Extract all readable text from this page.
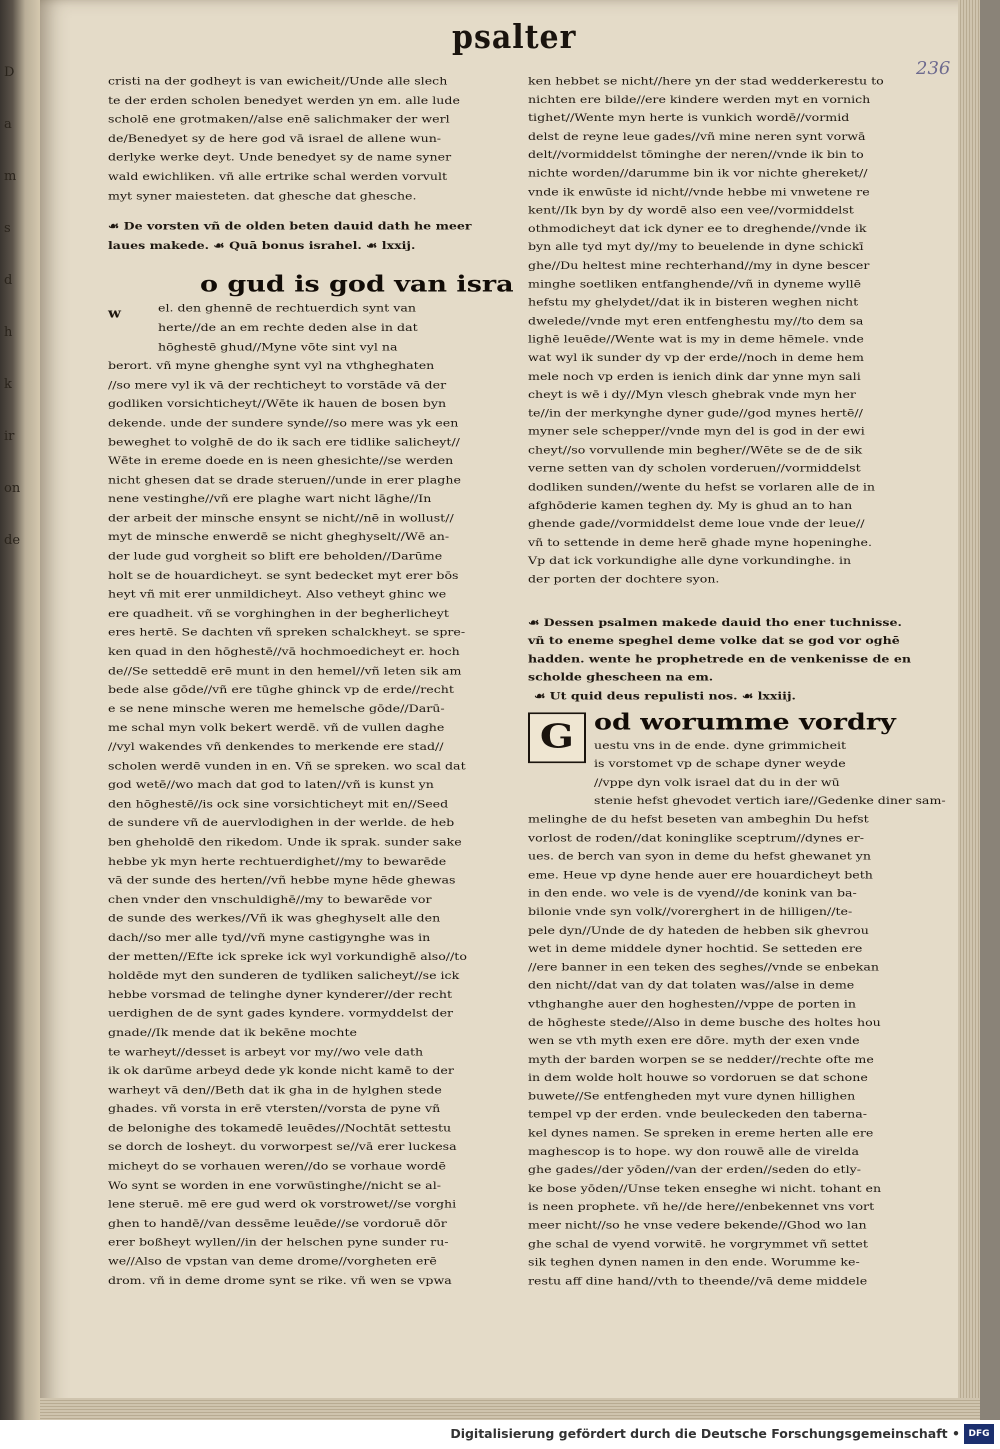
D
a
m
s
d
h
k
ir
on
de
psalter
236

cristi na der godheyt is van ewicheit//Unde alle slech

te der erden scholen benedyet werden yn em. alle lude

scholē ene grotmaken//alse enē salichmaker der werl

de/Benedyet sy de here god vā israel de allene wun-

derlyke werke deyt. Unde benedyet sy de name syner

wald ewichliken. vñ alle ertrike schal werden vorvult

myt syner maiesteten. dat ghesche dat ghesche.

☙ De vorsten vñ de olden beten dauid dath he meer

laues makede. ☙ Quā bonus israhel. ☙ lxxij.

o gud is god van isra
w	el. den ghennē de rechtuerdich synt van

herte//de an em rechte deden alse in dat

hōghestē ghud//Myne vōte sint vyl na

berort. vñ myne ghenghe synt vyl na vthgheghaten

//so mere vyl ik vā der rechticheyt to vorstāde vā der

godliken vorsichticheyt//Wēte ik hauen de bosen byn

dekende. unde der sundere synde//so mere was yk een

beweghet to volghē de do ik sach ere tidlike salicheyt//

Wēte in ereme doede en is neen ghesichte//se werden

nicht ghesen dat se drade steruen//unde in erer plaghe

nene vestinghe//vñ ere plaghe wart nicht lāghe//In

der arbeit der minsche ensynt se nicht//nē in wollust//

myt de minsche enwerdē se nicht gheghyselt//Wē an-

der lude gud vorgheit so blift ere beholden//Darūme

holt se de houardicheyt. se synt bedecket myt erer bōs

heyt vñ mit erer unmildicheyt. Also vetheyt ghinc we

ere quadheit. vñ se vorghinghen in der begherlicheyt

eres hertē. Se dachten vñ spreken schalckheyt. se spre-

ken quad in den hōghestē//vā hochmoedicheyt er. hoch

de//Se setteddē erē munt in den hemel//vñ leten sik am

bede alse gōde//vñ ere tūghe ghinck vp de erde//recht

e se nene minsche weren me hemelsche gōde//Darū-

me schal myn volk bekert werdē. vñ de vullen daghe

//vyl wakendes vñ denkendes to merkende ere stad//

scholen werdē vunden in en. Vñ se spreken. wo scal dat

god wetē//wo mach dat god to laten//vñ is kunst yn

den hōghestē//is ock sine vorsichticheyt mit en//Seed

de sundere vñ de auervlodighen in der werlde. de heb

ben gheholdē den rikedom. Unde ik sprak. sunder sake

hebbe yk myn herte rechtuerdighet//my to bewarēde

vā der sunde des herten//vñ hebbe myne hēde ghewas

chen vnder den vnschuldighē//my to bewarēde vor

de sunde des werkes//Vñ ik was gheghyselt alle den

dach//so mer alle tyd//vñ myne castigynghe was in

der metten//Efte ick spreke ick wyl vorkundighē also//to

holdēde myt den sunderen de tydliken salicheyt//se ick

hebbe vorsmad de telinghe dyner kynderer//der recht

uerdighen de de synt gades kyndere. vormyddelst der

gnade//Ik mende dat ik bekēne mochte

te warheyt//desset is arbeyt vor my//wo vele dath

ik ok darūme arbeyd dede yk konde nicht kamē to der

warheyt vā den//Beth dat ik gha in de hylghen stede

ghades. vñ vorsta in erē vtersten//vorsta de pyne vñ

de belonighe des tokamedē leuēdes//Nochtāt settestu

se dorch de losheyt. du vorworpest se//vā erer luckesa

micheyt do se vorhauen weren//do se vorhaue wordē

Wo synt se worden in ene vorwūstinghe//nicht se al-

lene steruē. mē ere gud werd ok vorstrowet//se vorghi

ghen to handē//van dessēme leuēde//se vordoruē dōr

erer boßheyt wyllen//in der helschen pyne sunder ru-

we//Also de vpstan van deme drome//vorgheten erē

drom. vñ in deme drome synt se rike. vñ wen se vpwa

ken hebbet se nicht//here yn der stad wedderkerestu to

nichten ere bilde//ere kindere werden myt en vornich

tighet//Wente myn herte is vunkich wordē//vormid

delst de reyne leue gades//vñ mine neren synt vorwā

delt//vormiddelst tōminghe der neren//vnde ik bin to

nichte worden//darumme bin ik vor nichte ghereket//

vnde ik enwūste id nicht//vnde hebbe mi vnwetene re

kent//Ik byn by dy wordē also een vee//vormiddelst

othmodicheyt dat ick dyner ee to dreghende//vnde ik

byn alle tyd myt dy//my to beuelende in dyne schickī

ghe//Du heltest mine rechterhand//my in dyne bescer

minghe soetliken entfanghende//vñ in dyneme wyllē

hefstu my ghelydet//dat ik in bisteren weghen nicht

dwelede//vnde myt eren entfenghestu my//to dem sa

lighē leuēde//Wente wat is my in deme hēmele. vnde

wat wyl ik sunder dy vp der erde//noch in deme hem

mele noch vp erden is ienich dink dar ynne myn sali

cheyt is wē i dy//Myn vlesch ghebrak vnde myn her

te//in der merkynghe dyner gude//god mynes hertē//

myner sele schepper//vnde myn del is god in der ewi

cheyt//so vorvullende min begher//Wēte se de de sik

verne setten van dy scholen vorderuen//vormiddelst

dodliken sunden//wente du hefst se vorlaren alle de in

afghōderie kamen teghen dy. My is ghud an to han

ghende gade//vormiddelst deme loue vnde der leue//

vñ to settende in deme herē ghade myne hopeninghe.

Vp dat ick vorkundighe alle dyne vorkundinghe. in

der porten der dochtere syon.

☙ Dessen psalmen makede dauid tho ener tuchnisse.

vñ to eneme speghel deme volke dat se god vor oghē

hadden. wente he prophetrede en de venkenisse de en

scholde ghescheen na em.

☙ Ut quid deus repulisti nos. ☙ lxxiij.

G od worumme vordry

uestu vns in de ende. dyne grimmicheit

is vorstomet vp de schape dyner weyde

//vppe dyn volk israel dat du in der wū

stenie hefst ghevodet vertich iare//Gedenke diner sam-

melinghe de du hefst beseten van ambeghin Du hefst

vorlost de roden//dat koninglike sceptrum//dynes er-

ues. de berch van syon in deme du hefst ghewanet yn

eme. Heue vp dyne hende auer ere houardicheyt beth

in den ende. wo vele is de vyend//de konink van ba-

bilonie vnde syn volk//vorerghert in de hilligen//te-

pele dyn//Unde de dy hateden de hebben sik ghevrou

wet in deme middele dyner hochtid. Se setteden ere

//ere banner in een teken des seghes//vnde se enbekan

den nicht//dat van dy dat tolaten was//alse in deme

vthghanghe auer den hoghesten//vppe de porten in

de hōgheste stede//Also in deme busche des holtes hou

wen se vth myth exen ere dōre. myth der exen vnde

myth der barden worpen se se nedder//rechte ofte me

in dem wolde holt houwe so vordoruen se dat schone

buwete//Se entfengheden myt vure dynen hillighen

tempel vp der erden. vnde beuleckeden den taberna-

kel dynes namen. Se spreken in ereme herten alle ere

maghescop is to hope. wy don rouwē alle de virelda

ghe gades//der yōden//van der erden//seden do etly-

ke bose yōden//Unse teken enseghe wi nicht. tohant en

is neen prophete. vñ he//de here//enbekennet vns vort

meer nicht//so he vnse vedere bekende//Ghod wo lan

ghe schal de vyend vorwitē. he vorgrymmet vñ settet

sik teghen dynen namen in den ende. Worumme ke-

restu aff dine hand//vth to theende//vā deme middele

Digitalisierung gefördert durch die Deutsche Forschungsgemeinschaft • DFG
